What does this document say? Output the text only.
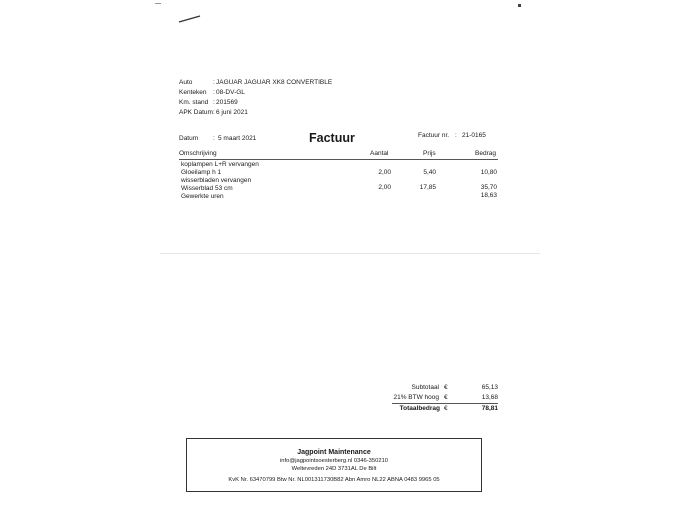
Auto	: JAGUAR JAGUAR XK8 CONVERTIBLE
Kenteken : 08-DV-GL
Km. stand : 201569
APK Datum : 6 juni 2021
Datum : 5 maart 2021	Factuur	Factuur nr. : 21-0165
Omschrijving	Aantal	Prijs	Bedrag
koplampen L+R vervangen
Gloeilamp h 1	2,00	5,40	10,80
wisserbladen vervangen
Wisserblad 53 cm	2,00	17,85	35,70
Gewerkte uren	18,63
Subtotaal €	65,13
21% BTW hoog €	13,68
Totaalbedrag €	78,81
Jagpoint Maintenance
info@jagpointsoesterberg.nl 0346-350210
Weltevreden 24D 3731AL De Bilt
KvK Nr. 63470799 Btw Nr. NL001311730B82 Abn Amro NL22 ABNA 0483 9965 05
